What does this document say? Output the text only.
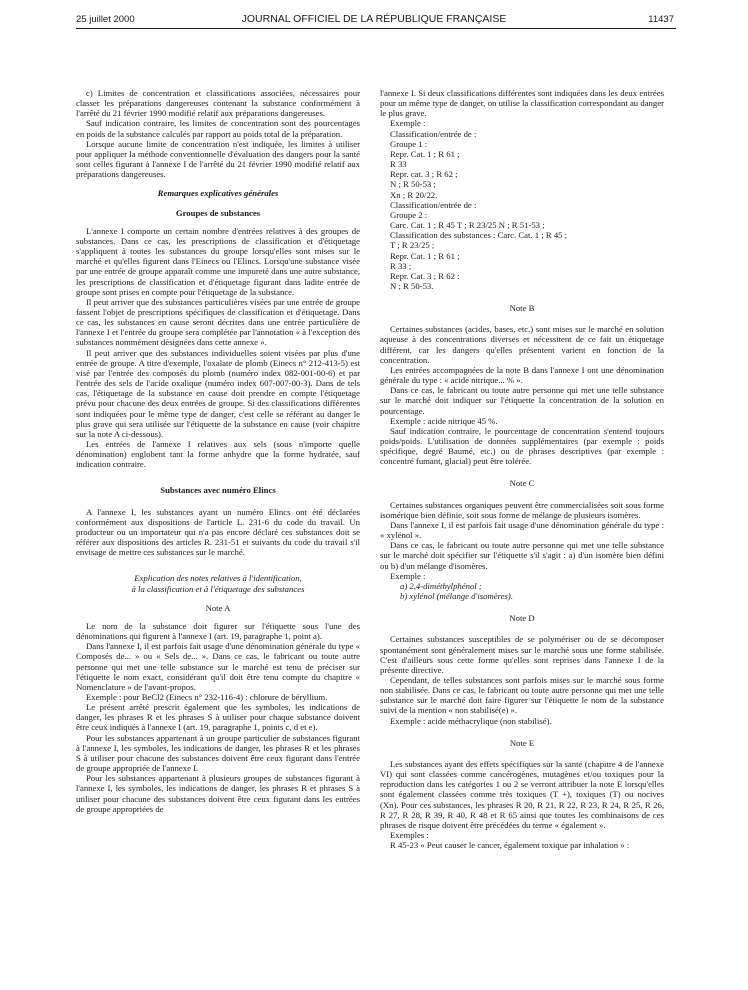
25 juillet 2000	JOURNAL OFFICIEL DE LA RÉPUBLIQUE FRANÇAISE	11437

c) Limites de concentration et classifications associées, nécessaires pour classer les préparations dangereuses contenant la substance conformément à l'arrêté du 21 février 1990 modifié relatif aux préparations dangereuses.

Sauf indication contraire, les limites de concentration sont des pourcentages en poids de la substance calculés par rapport au poids total de la préparation.

Lorsque aucune limite de concentration n'est indiquée, les limites à utiliser pour appliquer la méthode conventionnelle d'évaluation des dangers pour la santé sont celles figurant à l'annexe I de l'arrêté du 21 février 1990 modifié relatif aux préparations dangereuses.

Remarques explicatives générales
Groupes de substances

L'annexe I comporte un certain nombre d'entrées relatives à des groupes de substances. Dans ce cas, les prescriptions de classification et d'étiquetage s'appliquent à toutes les substances du groupe lorsqu'elles sont mises sur le marché et qu'elles figurent dans l'Einecs ou l'Elincs. Lorsqu'une substance visée par une entrée de groupe apparaît comme une impureté dans une autre substance, les prescriptions de classification et d'étiquetage figurant dans ladite entrée de groupe sont prises en compte pour l'étiquetage de la substance.

Il peut arriver que des substances particulières visées par une entrée de groupe fassent l'objet de prescriptions spécifiques de classification et d'étiquetage. Dans ce cas, les substances en cause seront décrites dans une entrée particulière de l'annexe I et l'entrée du groupe sera complétée par l'annotation « à l'exception des substances nommément désignées dans cette annexe ».

Il peut arriver que des substances individuelles soient visées par plus d'une entrée de groupe. A titre d'exemple, l'oxalate de plomb (Einecs n° 212-413-5) est visé par l'entrée des composés du plomb (numéro index 082-001-00-6) et par l'entrée des sels de l'acide oxalique (numéro index 607-007-00-3). Dans de tels cas, l'étiquetage de la substance en cause doit prendre en compte l'étiquetage prévu pour chacune des deux entrées de groupe. Si des classifications différentes sont indiquées pour le même type de danger, c'est celle se référant au danger le plus grave qui sera utilisée sur l'étiquette de la substance en cause (voir chapitre sur la note A ci-dessous).

Les entrées de l'annexe I relatives aux sels (sous n'importe quelle dénomination) englobent tant la forme anhydre que la forme hydratée, sauf indication contraire.

Substances avec numéro Elincs

A l'annexe I, les substances ayant un numéro Elincs ont été déclarées conformément aux dispositions de l'article L. 231-6 du code du travail. Un producteur ou un importateur qui n'a pas encore déclaré ces substances doit se référer aux dispositions des articles R. 231-51 et suivants du code du travail s'il envisage de mettre ces substances sur le marché.

Explication des notes relatives à l'identification,
à la classification et à l'étiquetage des substances
Note A

Le nom de la substance doit figurer sur l'étiquette sous l'une des dénominations qui figurent à l'annexe I (art. 19, paragraphe 1, point a).

Dans l'annexe I, il est parfois fait usage d'une dénomination générale du type « Composés de... » ou « Sels de... ». Dans ce cas, le fabricant ou toute autre personne qui met une telle substance sur le marché est tenu de préciser sur l'étiquette le nom exact, considérant qu'il doit être tenu compte du chapitre « Nomenclature » de l'avant-propos.

Exemple : pour BeCl2 (Einecs n° 232-116-4) : chlorure de béryllium.

Le présent arrêté prescrit également que les symboles, les indications de danger, les phrases R et les phrases S à utiliser pour chaque substance doivent être ceux indiqués à l'annexe I (art. 19, paragraphe 1, points c, d et e).

Pour les substances appartenant à un groupe particulier de substances figurant à l'annexe I, les symboles, les indications de danger, les phrases R et les phrases S à utiliser pour chacune des substances doivent être ceux figurant dans l'entrée de groupe appropriée de l'annexe I.

Pour les substances appartenant à plusieurs groupes de substances figurant à l'annexe I, les symboles, les indications de danger, les phrases R et phrases S à utiliser pour chacune des substances doivent être ceux figurant dans les entrées de groupe appropriées de

l'annexe I. Si deux classifications différentes sont indiquées dans les deux entrées pour un même type de danger, on utilise la classification correspondant au danger le plus grave.

Exemple :
Classification/entrée de :
Groupe 1 :
Repr. Cat. 1 ; R 61 ;
R 33
Repr. cat. 3 ; R 62 ;
N ; R 50-53 ;
Xn ; R 20/22.
Classification/entrée de :
Groupe 2 :
Carc. Cat. 1 ; R 45 T ; R 23/25 N ; R 51-53 ;
Classification des substances : Carc. Cat. 1 ; R 45 ;
T ; R 23/25 ;
Repr. Cat. 1 ; R 61 ;
R 33 ;
Repr. Cat. 3 ; R 62 :
N ; R 50-53.
Note B

Certaines substances (acides, bases, etc.) sont mises sur le marché en solution aqueuse à des concentrations diverses et nécessitent de ce fait un étiquetage différent, car les dangers qu'elles présentent varient en fonction de la concentration.

Les entrées accompagnées de la note B dans l'annexe I ont une dénomination générale du type : « acide nitrique... % ».

Dans ce cas, le fabricant ou toute autre personne qui met une telle substance sur le marché doit indiquer sur l'étiquette la concentration de la solution en pourcentage.

Exemple : acide nitrique 45 %.

Sauf indication contraire, le pourcentage de concentration s'entend toujours poids/poids. L'utilisation de données supplémentaires (par exemple : poids spécifique, degré Baumé, etc.) ou de phrases descriptives (par exemple : concentré fumant, glacial) peut être tolérée.

Note C

Certaines substances organiques peuvent être commercialisées soit sous forme isomérique bien définie, soit sous forme de mélange de plusieurs isomères.

Dans l'annexe I, il est parfois fait usage d'une dénomination générale du type : « xylénol ».

Dans ce cas, le fabricant ou toute autre personne qui met une telle substance sur le marché doit spécifier sur l'étiquette s'il s'agit : a) d'un isomère bien défini ou b) d'un mélange d'isomères.

Exemple :

a) 2,4-diméthylphénol ;

b) xylénol (mélange d'isomères).

Note D

Certaines substances susceptibles de se polymériser ou de se décomposer spontanément sont généralement mises sur le marché sous une forme stabilisée. C'est d'ailleurs sous cette forme qu'elles sont reprises dans l'annexe I de la présente directive.

Cependant, de telles substances sont parfois mises sur le marché sous forme non stabilisée. Dans ce cas, le fabricant ou toute autre personne qui met une telle substance sur le marché doit faire figurer sur l'étiquette le nom de la substance suivi de la mention « non stabilisé(e) ».

Exemple : acide méthacrylique (non stabilisé).

Note E

Les substances ayant des effets spécifiques sur la santé (chapitre 4 de l'annexe VI) qui sont classées comme cancérogènes, mutagènes et/ou toxiques pour la reproduction dans les catégories 1 ou 2 se verront attribuer la note E lorsqu'elles sont également classées comme très toxiques (T +), toxiques (T) ou nocives (Xn). Pour ces substances, les phrases R 20, R 21, R 22, R 23, R 24, R 25, R 26, R 27, R 28, R 39, R 40, R 48 et R 65 ainsi que toutes les combinaisons de ces phrases de risque doivent être précédées du terme « également ».

Exemples :

R 45-23 « Peut causer le cancer, également toxique par inhalation » :
